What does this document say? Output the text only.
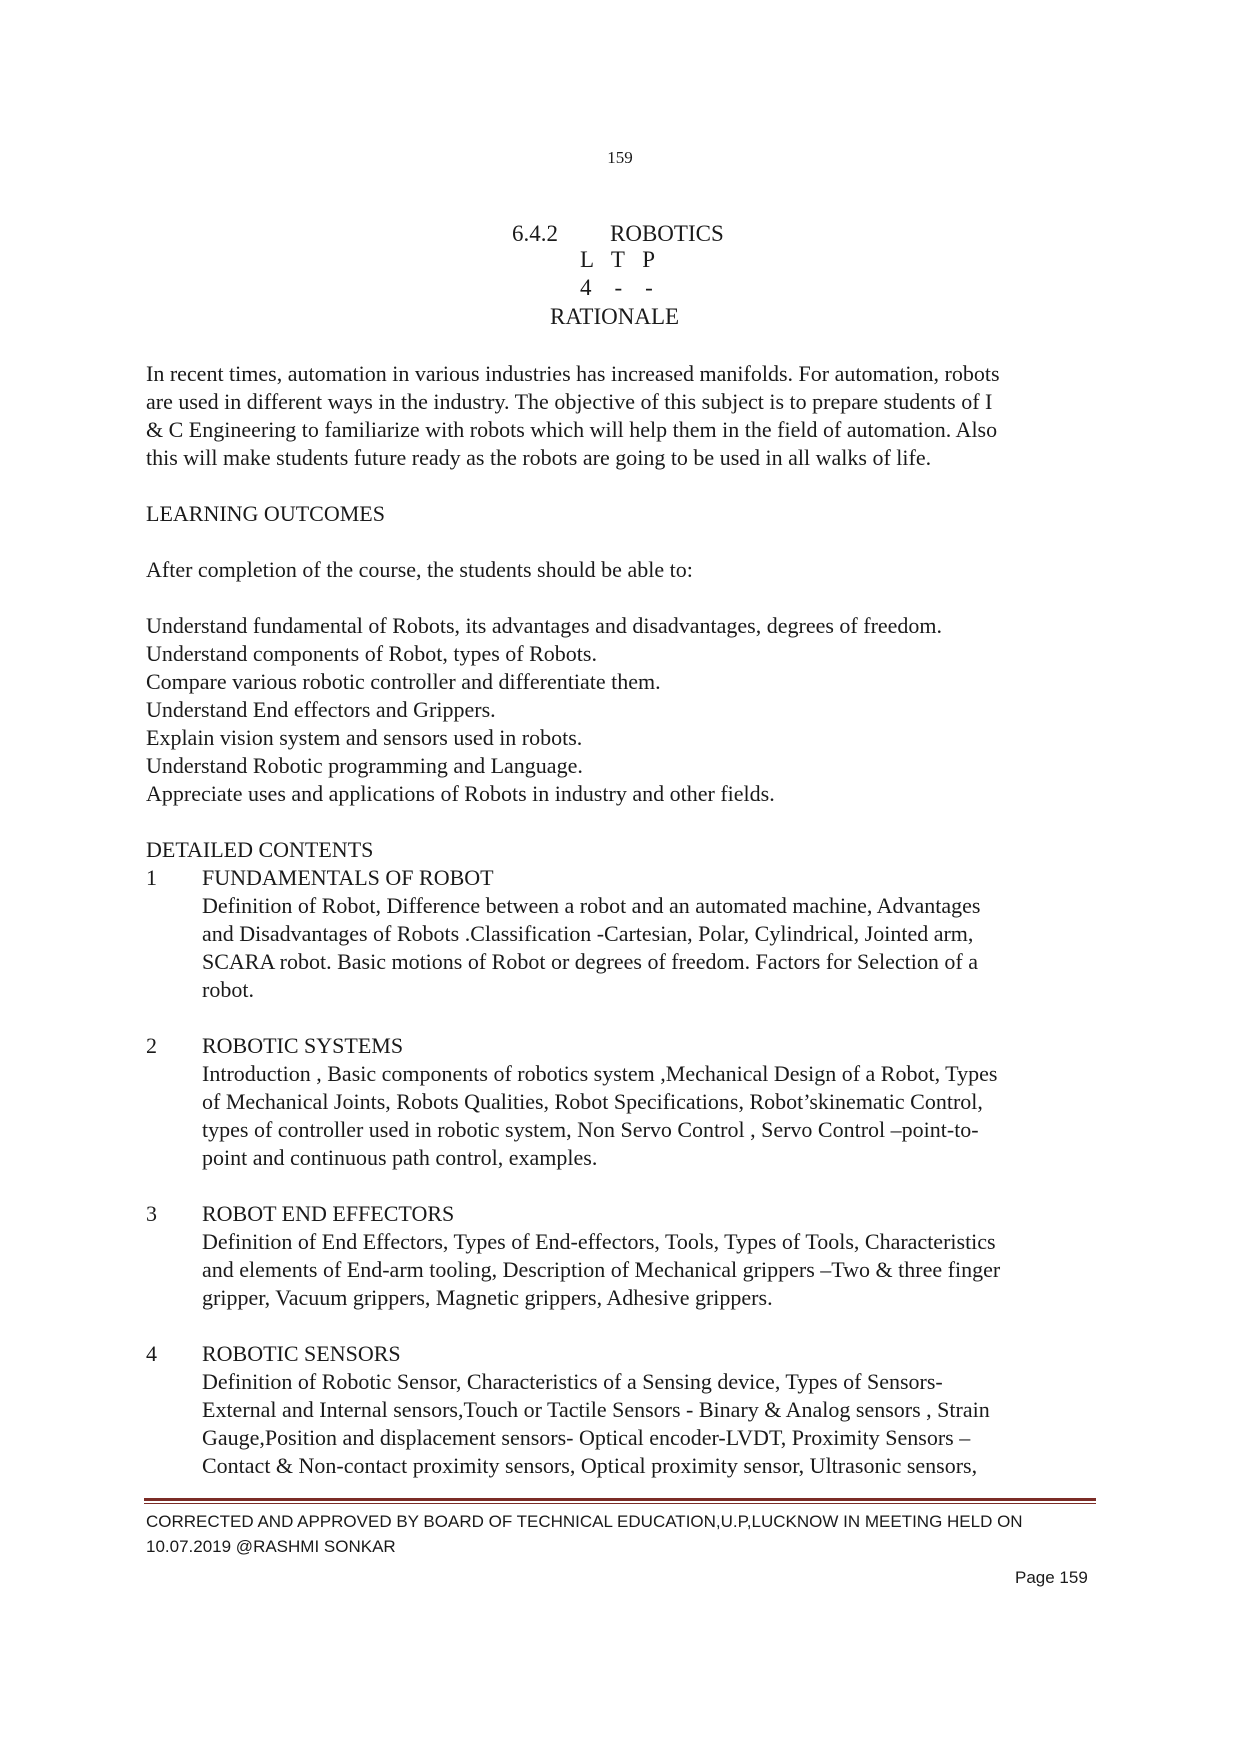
159
6.4.2 ROBOTICS
L T P
4 - -
RATIONALE
In recent times, automation in various industries has increased manifolds. For automation, robots
are used in different ways in the industry. The objective of this subject is to prepare students of I
& C Engineering to familiarize with robots which will help them in the field of automation. Also
this will make students future ready as the robots are going to be used in all walks of life.
LEARNING OUTCOMES
After completion of the course, the students should be able to:
Understand fundamental of Robots, its advantages and disadvantages, degrees of freedom.
Understand components of Robot, types of Robots.
Compare various robotic controller and differentiate them.
Understand End effectors and Grippers.
Explain vision system and sensors used in robots.
Understand Robotic programming and Language.
Appreciate uses and applications of Robots in industry and other fields.
DETAILED CONTENTS
1 FUNDAMENTALS OF ROBOT
Definition of Robot, Difference between a robot and an automated machine, Advantages
and Disadvantages of Robots .Classification -Cartesian, Polar, Cylindrical, Jointed arm,
SCARA robot. Basic motions of Robot or degrees of freedom. Factors for Selection of a
robot.
2 ROBOTIC SYSTEMS
Introduction , Basic components of robotics system ,Mechanical Design of a Robot, Types
of Mechanical Joints, Robots Qualities, Robot Specifications, Robot’skinematic Control,
types of controller used in robotic system, Non Servo Control , Servo Control –point-to-
point and continuous path control, examples.
3 ROBOT END EFFECTORS
Definition of End Effectors, Types of End-effectors, Tools, Types of Tools, Characteristics
and elements of End-arm tooling, Description of Mechanical grippers –Two & three finger
gripper, Vacuum grippers, Magnetic grippers, Adhesive grippers.
4 ROBOTIC SENSORS
Definition of Robotic Sensor, Characteristics of a Sensing device, Types of Sensors-
External and Internal sensors,Touch or Tactile Sensors - Binary & Analog sensors , Strain
Gauge,Position and displacement sensors- Optical encoder-LVDT, Proximity Sensors –
Contact & Non-contact proximity sensors, Optical proximity sensor, Ultrasonic sensors,
CORRECTED AND APPROVED BY BOARD OF TECHNICAL EDUCATION,U.P,LUCKNOW IN MEETING HELD ON
10.07.2019 @RASHMI SONKAR
Page 159
